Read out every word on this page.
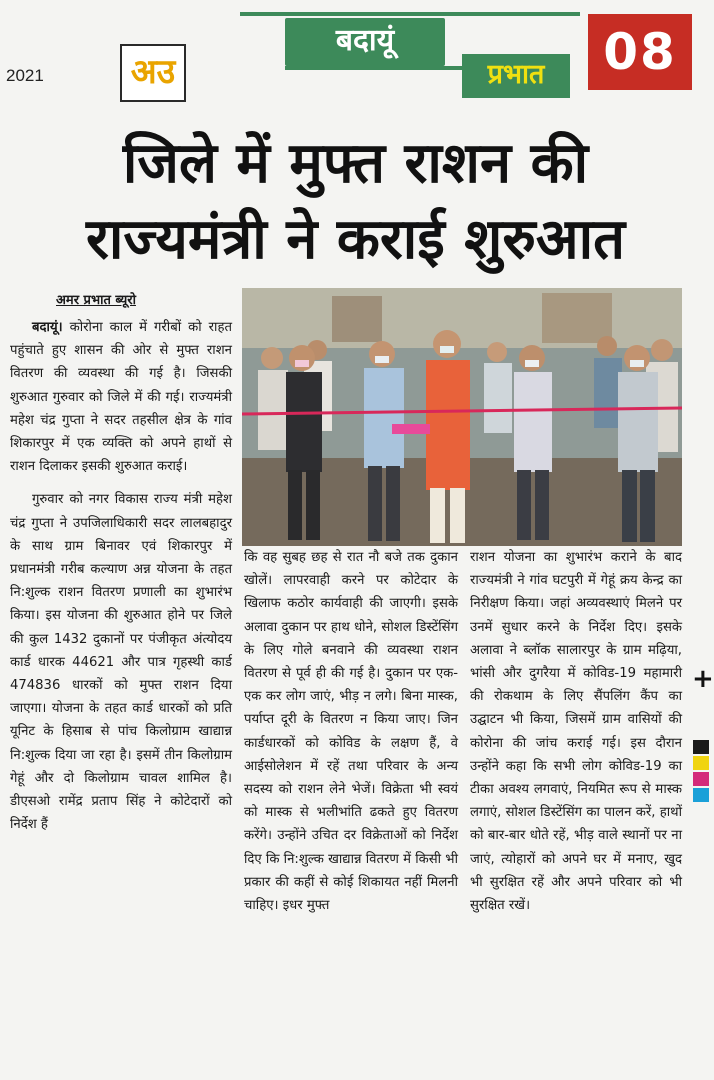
2021	अउ
बदायूं
प्रभात	08
जिले में मुफ्त राशन की
राज्यमंत्री ने कराई शुरुआत
अमर प्रभात ब्यूरो

बदायूं। कोरोना काल में गरीबों को राहत पहुंचाते हुए शासन की ओर से मुफ्त राशन वितरण की व्यवस्था की गई है। जिसकी शुरुआत गुरुवार को जिले में की गई। राज्यमंत्री महेश चंद्र गुप्ता ने सदर तहसील क्षेत्र के गांव शिकारपुर में एक व्यक्ति को अपने हाथों से राशन दिलाकर इसकी शुरुआत कराई।

गुरुवार को नगर विकास राज्य मंत्री महेश चंद्र गुप्ता ने उपजिलाधिकारी सदर लालबहादुर के साथ ग्राम बिनावर एवं शिकारपुर में प्रधानमंत्री गरीब कल्याण अन्न योजना के तहत नि:शुल्क राशन वितरण प्रणाली का शुभारंभ किया। इस योजना की शुरुआत होने पर जिले की कुल 1432 दुकानों पर पंजीकृत अंत्योदय कार्ड धारक 44621 और पात्र गृहस्थी कार्ड 474836 धारकों को मुफ्त राशन दिया जाएगा। योजना के तहत कार्ड धारकों को प्रति यूनिट के हिसाब से पांच किलोग्राम खाद्यान्न नि:शुल्क दिया जा रहा है। इसमें तीन किलोग्राम गेहूं और दो किलोग्राम चावल शामिल है। डीएसओ रामेंद्र प्रताप सिंह ने कोटेदारों को निर्देश हैं

कि वह सुबह छह से रात नौ बजे तक दुकान खोलें। लापरवाही करने पर कोटेदार के खिलाफ कठोर कार्यवाही की जाएगी। इसके अलावा दुकान पर हाथ धोने, सोशल डिस्टेंसिंग के लिए गोले बनवाने की व्यवस्था राशन वितरण से पूर्व ही की गई है। दुकान पर एक-एक कर लोग जाएं, भीड़ न लगे। बिना मास्क, पर्याप्त दूरी के वितरण न किया जाए। जिन कार्डधारकों को कोविड के लक्षण हैं, वे आईसोलेशन में रहें तथा परिवार के अन्य सदस्य को राशन लेने भेजें। विक्रेता भी स्वयं को मास्क से भलीभांति ढकते हुए वितरण करेंगे। उन्होंने उचित दर विक्रेताओं को निर्देश दिए कि नि:शुल्क खाद्यान्न वितरण में किसी भी प्रकार की कहीं से कोई शिकायत नहीं मिलनी चाहिए। इधर मुफ्त

राशन योजना का शुभारंभ कराने के बाद राज्यमंत्री ने गांव घटपुरी में गेहूं क्रय केन्द्र का निरीक्षण किया। जहां अव्यवस्थाएं मिलने पर उनमें सुधार करने के निर्देश दिए। इसके अलावा ने ब्लॉक सालारपुर के ग्राम मढ़िया, भांसी और दुगरैया में कोविड-19 महामारी की रोकथाम के लिए सैंपलिंग कैंप का उद्घाटन भी किया, जिसमें ग्राम वासियों की कोरोना की जांच कराई गई। इस दौरान उन्होंने कहा कि सभी लोग कोविड-19 का टीका अवश्य लगवाएं, नियमित रूप से मास्क लगाएं, सोशल डिस्टेंसिंग का पालन करें, हाथों को बार-बार धोते रहें, भीड़ वाले स्थानों पर ना जाएं, त्योहारों को अपने घर में मनाए, खुद भी सुरक्षित रहें और अपने परिवार को भी सुरक्षित रखें।

+
